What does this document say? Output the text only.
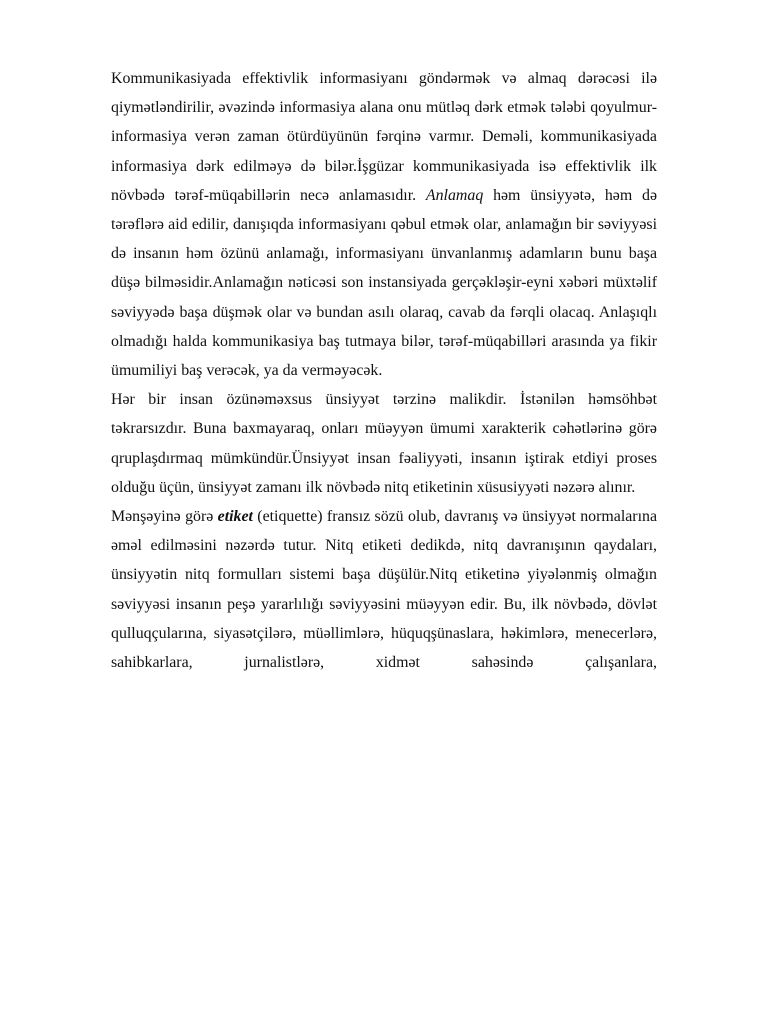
Kommunikasiyada effektivlik informasiyanı göndərmək və almaq dərəcəsi ilə qiymətləndirilir, əvəzində informasiya alana onu mütləq dərk etmək tələbi qoyulmur-informasiya verən zaman ötürdüyünün fərqinə varmır. Deməli, kommunikasiyada informasiya dərk edilməyə də bilər.İşgüzar kommunikasiyada isə effektivlik ilk növbədə tərəf-müqabillərin necə anlamasıdır. Anlamaq həm ünsiyyətə, həm də tərəflərə aid edilir, danışıqda informasiyanı qəbul etmək olar, anlamağın bir səviyyəsi də insanın həm özünü anlamağı, informasiyanı ünvanlanmış adamların bunu başa düşə bilməsidir.Anlamağın nəticəsi son instansiyada gerçəkləşir-eyni xəbəri müxtəlif səviyyədə başa düşmək olar və bundan asılı olaraq, cavab da fərqli olacaq. Anlaşıqlı olmadığı halda kommunikasiya baş tutmaya bilər, tərəf-müqabilləri arasında ya fikir ümumiliyi baş verəcək, ya da verməyəcək.

Hər bir insan özünəməxsus ünsiyyət tərzinə malikdir. İstənilən həmsöhbət təkrarsızdır. Buna baxmayaraq, onları müəyyən ümumi xarakterik cəhətlərinə görə qruplaşdırmaq mümkündür.Ünsiyyət insan fəaliyyəti, insanın iştirak etdiyi proses olduğu üçün, ünsiyyət zamanı ilk növbədə nitq etiketinin xüsusiyyəti nəzərə alınır.

Mənşəyinə görə etiket (etiquette) fransız sözü olub, davranış və ünsiyyət normalarına əməl edilməsini nəzərdə tutur. Nitq etiketi dedikdə, nitq davranışının qaydaları, ünsiyyətin nitq formulları sistemi başa düşülür.Nitq etiketinə yiyələnmiş olmağın səviyyəsi insanın peşə yararlılığı səviyyəsini müəyyən edir. Bu, ilk növbədə, dövlət qulluqçularına, siyasətçilərə, müəllimlərə, hüquqşünaslara, həkimlərə, menecerlərə, sahibkarlara, jurnalistlərə, xidmət sahəsində çalışanlara,
